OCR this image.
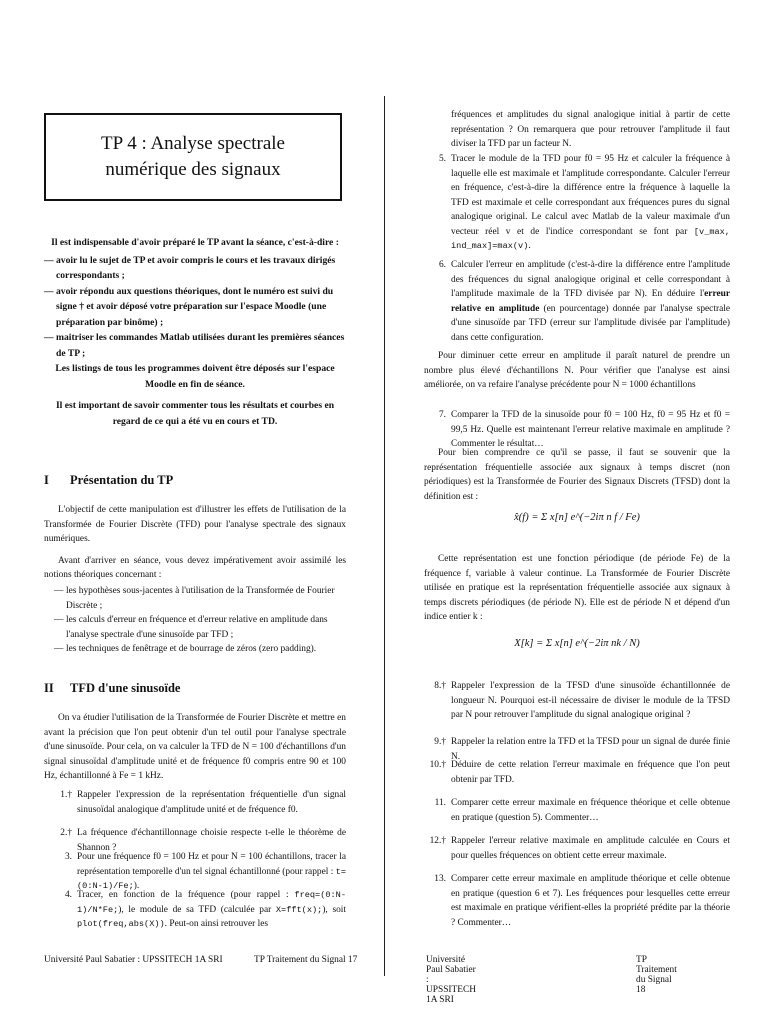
TP 4 : Analyse spectrale numérique des signaux

Il est indispensable d'avoir préparé le TP avant la séance, c'est-à-dire :

— avoir lu le sujet de TP et avoir compris le cours et les travaux dirigés correspondants ;
— avoir répondu aux questions théoriques, dont le numéro est suivi du signe † et avoir déposé votre préparation sur l'espace Moodle (une préparation par binôme) ;
— maitriser les commandes Matlab utilisées durant les premières séances de TP ;

Les listings de tous les programmes doivent être déposés sur l'espace Moodle en fin de séance.

Il est important de savoir commenter tous les résultats et courbes en regard de ce qui a été vu en cours et TD.

I Présentation du TP

L'objectif de cette manipulation est d'illustrer les effets de l'utilisation de la Transformée de Fourier Discrète (TFD) pour l'analyse spectrale des signaux numériques.

Avant d'arriver en séance, vous devez impérativement avoir assimilé les notions théoriques concernant :

— les hypothèses sous-jacentes à l'utilisation de la Transformée de Fourier Discrète ;
— les calculs d'erreur en fréquence et d'erreur relative en amplitude dans l'analyse spectrale d'une sinusoïde par TFD ;
— les techniques de fenêtrage et de bourrage de zéros (zero padding).
II TFD d'une sinusoïde

On va étudier l'utilisation de la Transformée de Fourier Discrète et mettre en avant la précision que l'on peut obtenir d'un tel outil pour l'analyse spectrale d'une sinusoïde. Pour cela, on va calculer la TFD de N = 100 d'échantillons d'un signal sinusoïdal d'amplitude unité et de fréquence f0 compris entre 90 et 100 Hz, échantillonné à Fe = 1 kHz.

1.† Rappeler l'expression de la représentation fréquentielle d'un signal sinusoïdal analogique d'amplitude unité et de fréquence f0.
2.† La fréquence d'échantillonnage choisie respecte t-elle le théorème de Shannon ?
3. Pour une fréquence f0 = 100 Hz et pour N = 100 échantillons, tracer la représentation temporelle d'un tel signal échantillonné (pour rappel : t=(0:N-1)/Fe;).
4. Tracer, en fonction de la fréquence (pour rappel : freq=(0:N-1)/N*Fe;), le module de sa TFD (calculée par X=fft(x);), soit plot(freq,abs(X)). Peut-on ainsi retrouver les
Université Paul Sabatier : UPSSITECH 1A SRI	TP Traitement du Signal 17
fréquences et amplitudes du signal analogique initial à partir de cette représentation ? On remarquera que pour retrouver l'amplitude il faut diviser la TFD par un facteur N.
5. Tracer le module de la TFD pour f0 = 95 Hz et calculer la fréquence à laquelle elle est maximale et l'amplitude correspondante. Calculer l'erreur en fréquence, c'est-à-dire la différence entre la fréquence à laquelle la TFD est maximale et celle correspondant aux fréquences pures du signal analogique original. Le calcul avec Matlab de la valeur maximale d'un vecteur réel v et de l'indice correspondant se font par [v_max, ind_max]=max(v).
6. Calculer l'erreur en amplitude (c'est-à-dire la différence entre l'amplitude des fréquences du signal analogique original et celle correspondant à l'amplitude maximale de la TFD divisée par N). En déduire l'erreur relative en amplitude (en pourcentage) donnée par l'analyse spectrale d'une sinusoïde par TFD (erreur sur l'amplitude divisée par l'amplitude) dans cette configuration.

Pour diminuer cette erreur en amplitude il paraît naturel de prendre un nombre plus élevé d'échantillons N. Pour vérifier que l'analyse est ainsi améliorée, on va refaire l'analyse précédente pour N = 1000 échantillons

7. Comparer la TFD de la sinusoïde pour f0 = 100 Hz, f0 = 95 Hz et f0 = 99,5 Hz. Quelle est maintenant l'erreur relative maximale en amplitude ? Commenter le résultat…

Pour bien comprendre ce qu'il se passe, il faut se souvenir que la représentation fréquentielle associée aux signaux à temps discret (non périodiques) est la Transformée de Fourier des Signaux Discrets (TFSD) dont la définition est :

x̂(f) = Σ x[n] e^(−2iπ n f / Fe)

Cette représentation est une fonction périodique (de période Fe) de la fréquence f, variable à valeur continue. La Transformée de Fourier Discrète utilisée en pratique est la représentation fréquentielle associée aux signaux à temps discrets périodiques (de période N). Elle est de période N et dépend d'un indice entier k :

X[k] = Σ x[n] e^(−2iπ nk / N)
8.† Rappeler l'expression de la TFSD d'une sinusoïde échantillonnée de longueur N. Pourquoi est-il nécessaire de diviser le module de la TFSD par N pour retrouver l'amplitude du signal analogique original ?
9.† Rappeler la relation entre la TFD et la TFSD pour un signal de durée finie N.
10.† Déduire de cette relation l'erreur maximale en fréquence que l'on peut obtenir par TFD.
11. Comparer cette erreur maximale en fréquence théorique et celle obtenue en pratique (question 5). Commenter…
12.† Rappeler l'erreur relative maximale en amplitude calculée en Cours et pour quelles fréquences on obtient cette erreur maximale.
13. Comparer cette erreur maximale en amplitude théorique et celle obtenue en pratique (question 6 et 7). Les fréquences pour lesquelles cette erreur est maximale en pratique vérifient-elles la propriété prédite par la théorie ? Commenter…
Université Paul Sabatier : UPSSITECH 1A SRI
TP Traitement du Signal 18
